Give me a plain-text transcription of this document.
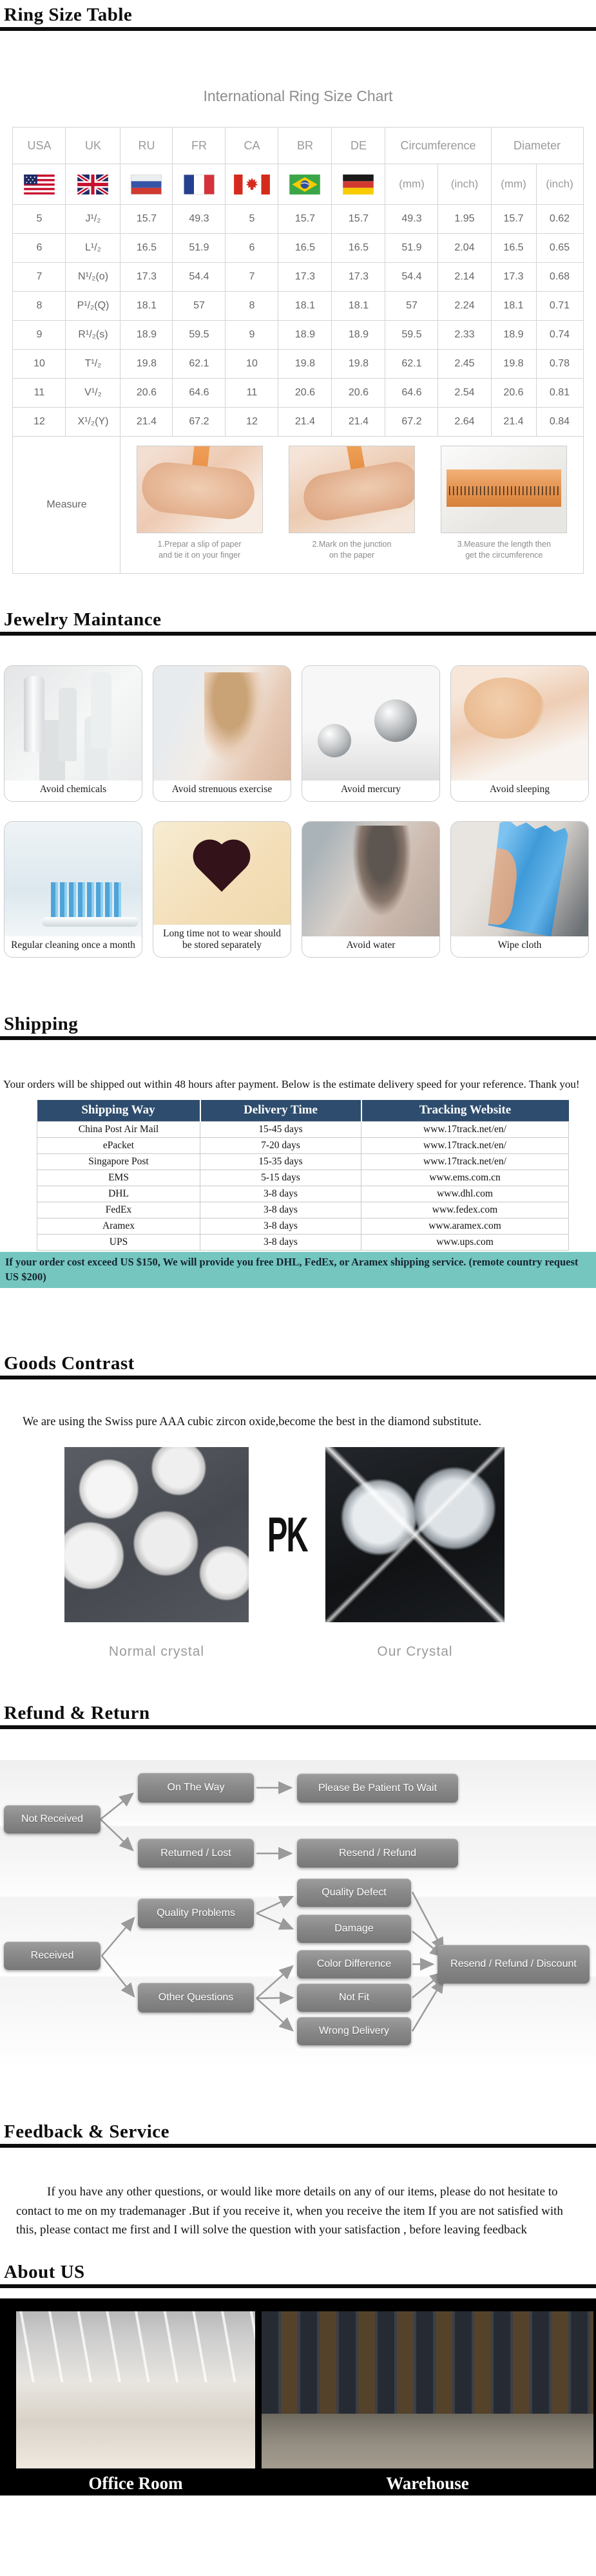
Ring Size Table
International Ring Size Chart
USA	UK	RU	FR	CA	BR	DE	Circumference		Diameter	
							(mm)	(inch)	(mm)	(inch)
5	J¹/₂	15.7	49.3	5	15.7	15.7	49.3	1.95	15.7	0.62
6	L¹/₂	16.5	51.9	6	16.5	16.5	51.9	2.04	16.5	0.65
7	N¹/₂(o)	17.3	54.4	7	17.3	17.3	54.4	2.14	17.3	0.68
8	P¹/₂(Q)	18.1	57	8	18.1	18.1	57	2.24	18.1	0.71
9	R¹/₂(s)	18.9	59.5	9	18.9	18.9	59.5	2.33	18.9	0.74
10	T¹/₂	19.8	62.1	10	19.8	19.8	62.1	2.45	19.8	0.78
11	V¹/₂	20.6	64.6	11	20.6	20.6	64.6	2.54	20.6	0.81
12	X¹/₂(Y)	21.4	67.2	12	21.4	21.4	67.2	2.64	21.4	0.84
Measure	
1.Prepar a slip of paper
and tie it on your finger
2.Mark on the junction
on the paper
3.Measure the length then
get the circumference
Jewelry Maintance
Avoid chemicals	Avoid strenuous exercise	Avoid mercury	Avoid sleeping
Regular cleaning once a month
Long time not to wear should be stored separately	Avoid water	Wipe cloth
Shipping
Your orders will be shipped out within 48 hours after payment. Below is the estimate delivery speed for your reference. Thank you!
Shipping Way	Delivery Time	Tracking Website
China Post Air Mail	15-45 days	www.17track.net/en/
ePacket	7-20 days	www.17track.net/en/
Singapore Post	15-35 days	www.17track.net/en/
EMS	5-15 days	www.ems.com.cn
DHL	3-8 days	www.dhl.com
FedEx	3-8 days	www.fedex.com
Aramex	3-8 days	www.aramex.com
UPS	3-8 days	www.ups.com
If your order cost exceed US $150, We will provide you free DHL, FedEx, or Aramex shipping service. (remote country request US $200)
Goods Contrast
We are using the Swiss pure AAA cubic zircon oxide,become the best in the diamond substitute.
PK
Normal crystal	Our Crystal
Refund & Return
Not Received
On The Way	Please Be Patient To Wait
Returned / Lost	Resend / Refund
Quality Problems
Quality Defect
Damage
Received
Color Difference	Resend / Refund / Discount
Other Questions	Not Fit
Wrong Delivery
Feedback & Service
If you have any other questions, or would like more details on any of our items, please do not hesitate to contact to me on my trademanager .But if you receive it, when you receive the item If you are not satisfied with this, please contact me first and I will solve the question with your satisfaction , before leaving feedback
About US
Office Room	Warehouse
